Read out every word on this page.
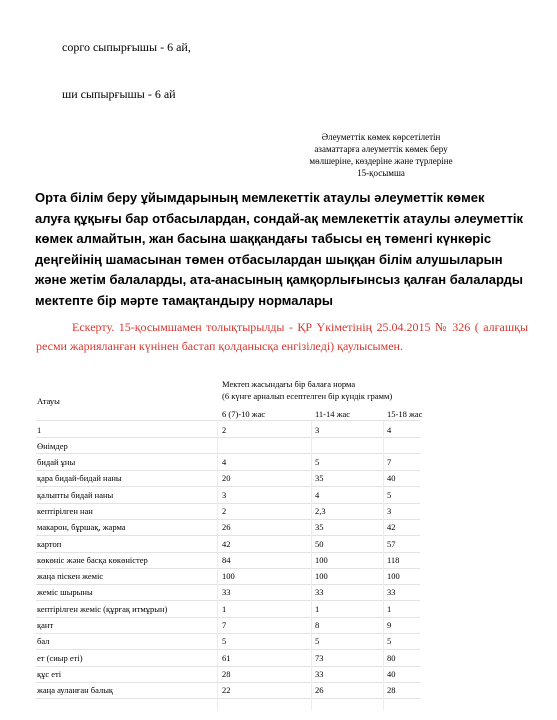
сорго сыпырғышы - 6 ай,
ши сыпырғышы - 6 ай
Әлеуметтік көмек көрсетілетін
азаматтарға әлеуметтік көмек беру
мөлшеріне, көздеріне және түрлеріне
15-қосымша
Орта білім беру ұйымдарының мемлекеттік атаулы әлеуметтік көмек алуға құқығы бар отбасылардан, сондай-ақ мемлекеттік атаулы әлеуметтік көмек алмайтын, жан басына шаққандағы табысы ең төменгі күнкөріс деңгейінің шамасынан төмен отбасылардан шыққан білім алушыларын және жетім балаларды, ата-анасының қамқорлығынсыз қалған балаларды мектепте бір мәрте тамақтандыру нормалары
Ескерту. 15-қосымшамен толықтырылды - ҚР Үкіметінің 25.04.2015 № 326 ( алғашқы ресми жарияланған күнінен бастап қолданысқа енгізіледі) қаулысымен.
Мектеп жасындағы бір балаға норма
(6 күнге арналып есептелген бір күндік грамм)
Атауы
6 (7)-10 жас	11-14 жас	15-18 жас
1	2	3	4
Өнімдер
бидай ұны	4	5	7
қара бидай-бидай наны	20	35	40
қалыпты бидай наны	3	4	5
кептірілген нан	2	2,3	3
макарон, бұршақ, жарма	26	35	42
картоп	42	50	57
көкөніс және басқа көкөністер	84	100	118
жаңа піскен жеміс	100	100	100
жеміс шырыны	33	33	33
кептірілген жеміс (құрғақ итмұрын)	1	1	1
қант	7	8	9
бал	5	5	5
ет (сиыр еті)	61	73	80
құс еті	28	33	40
жаңа ауланған балық	22	26	28
